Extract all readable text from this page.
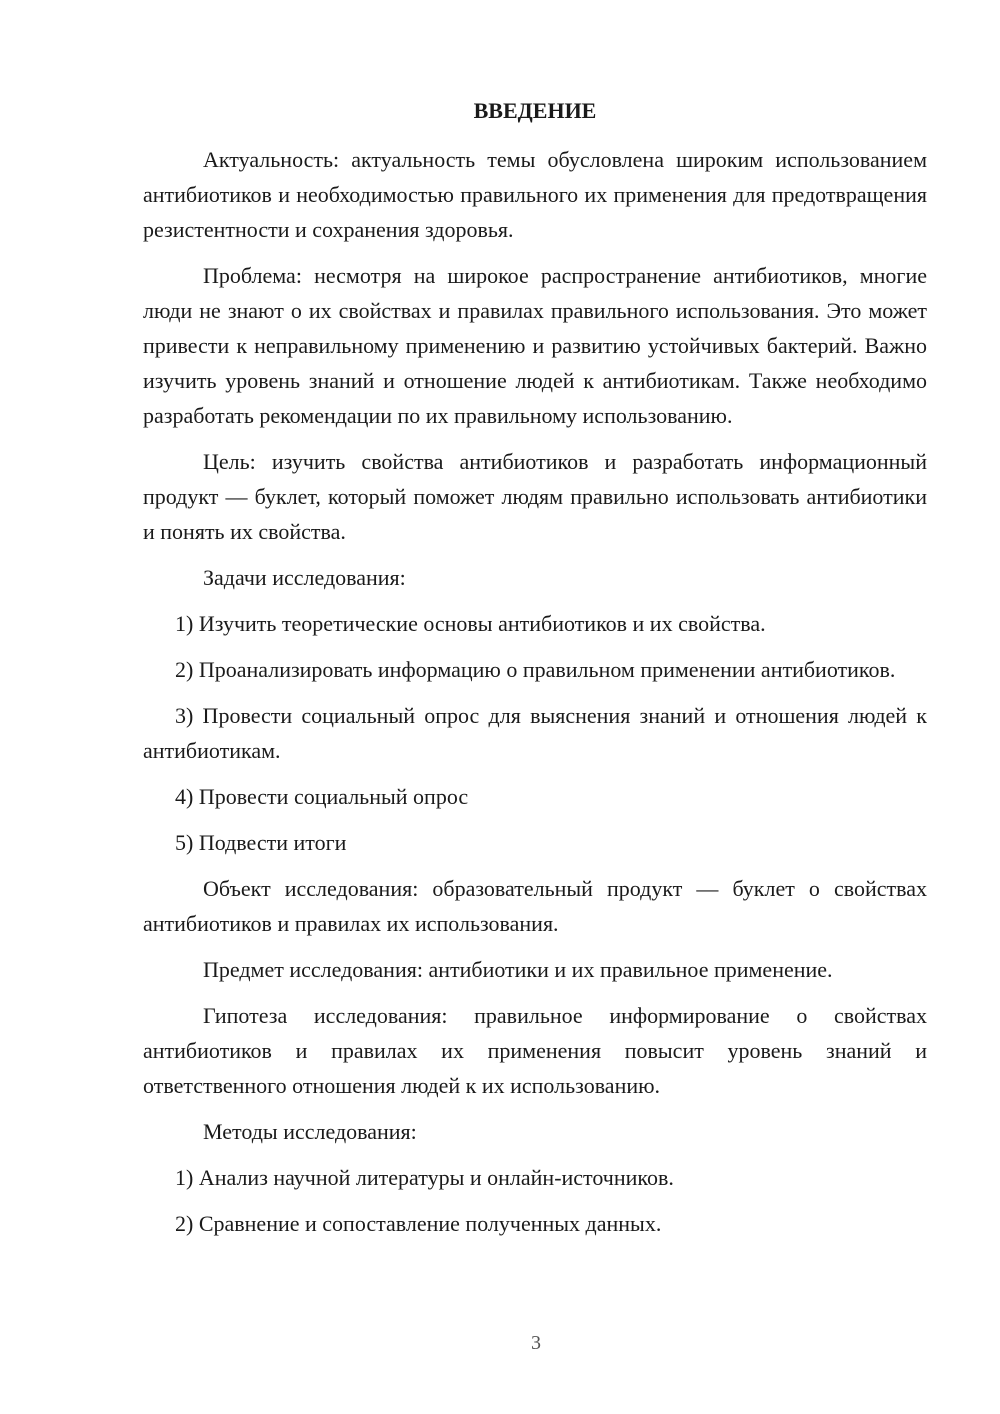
ВВЕДЕНИЕ

Актуальность: актуальность темы обусловлена широким использованием антибиотиков и необходимостью правильного их применения для предотвращения резистентности и сохранения здоровья.

Проблема: несмотря на широкое распространение антибиотиков, многие люди не знают о их свойствах и правилах правильного использования. Это может привести к неправильному применению и развитию устойчивых бактерий. Важно изучить уровень знаний и отношение людей к антибиотикам. Также необходимо разработать рекомендации по их правильному использованию.

Цель: изучить свойства антибиотиков и разработать информационный продукт — буклет, который поможет людям правильно использовать антибиотики и понять их свойства.

Задачи исследования:

1) Изучить теоретические основы антибиотиков и их свойства.

2) Проанализировать информацию о правильном применении антибиотиков.

3) Провести социальный опрос для выяснения знаний и отношения людей к антибиотикам.

4) Провести социальный опрос

5) Подвести итоги

Объект исследования: образовательный продукт — буклет о свойствах антибиотиков и правилах их использования.

Предмет исследования: антибиотики и их правильное применение.

Гипотеза исследования: правильное информирование о свойствах антибиотиков и правилах их применения повысит уровень знаний и ответственного отношения людей к их использованию.

Методы исследования:

1) Анализ научной литературы и онлайн-источников.

2) Сравнение и сопоставление полученных данных.

3
